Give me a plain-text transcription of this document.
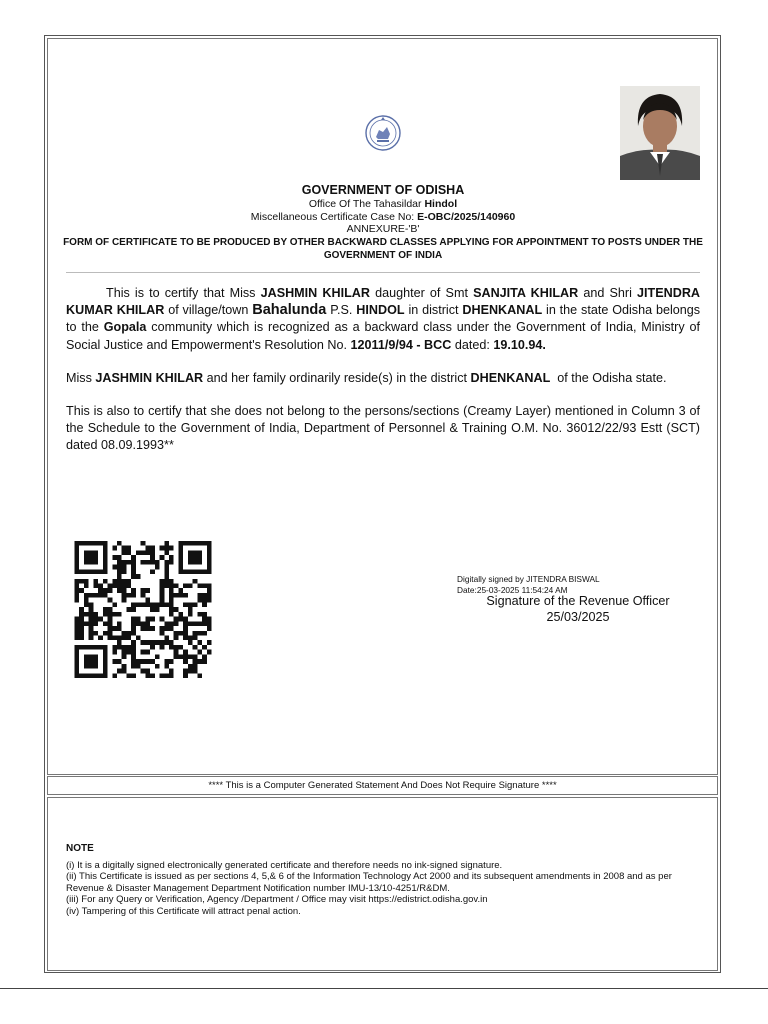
GOVERNMENT OF ODISHA
Office Of The Tahasildar Hindol
Miscellaneous Certificate Case No: E-OBC/2025/140960
ANNEXURE-'B'
FORM OF CERTIFICATE TO BE PRODUCED BY OTHER BACKWARD CLASSES APPLYING FOR APPOINTMENT TO POSTS UNDER THE GOVERNMENT OF INDIA

This is to certify that Miss JASHMIN KHILAR daughter of Smt SANJITA KHILAR and Shri JITENDRA KUMAR KHILAR of village/town Bahalunda P.S. HINDOL in district DHENKANAL in the state Odisha belongs to the Gopala community which is recognized as a backward class under the Government of India, Ministry of Social Justice and Empowerment's Resolution No. 12011/9/94 - BCC dated: 19.10.94.

Miss JASHMIN KHILAR and her family ordinarily reside(s) in the district DHENKANAL of the Odisha state.

This is also to certify that she does not belong to the persons/sections (Creamy Layer) mentioned in Column 3 of the Schedule to the Government of India, Department of Personnel & Training O.M. No. 36012/22/93 Estt (SCT) dated 08.09.1993**

Digitally signed by JITENDRA BISWAL
Date:25-03-2025 11:54:24 AM
Signature of the Revenue Officer
25/03/2025
**** This is a Computer Generated Statement And Does Not Require Signature ****
NOTE
(i) It is a digitally signed electronically generated certificate and therefore needs no ink-signed signature.
(ii) This Certificate is issued as per sections 4, 5,& 6 of the Information Technology Act 2000 and its subsequent amendments in 2008 and as per Revenue & Disaster Management Department Notification number IMU-13/10-4251/R&DM.
(iii) For any Query or Verification, Agency /Department / Office may visit https://edistrict.odisha.gov.in
(iv) Tampering of this Certificate will attract penal action.
